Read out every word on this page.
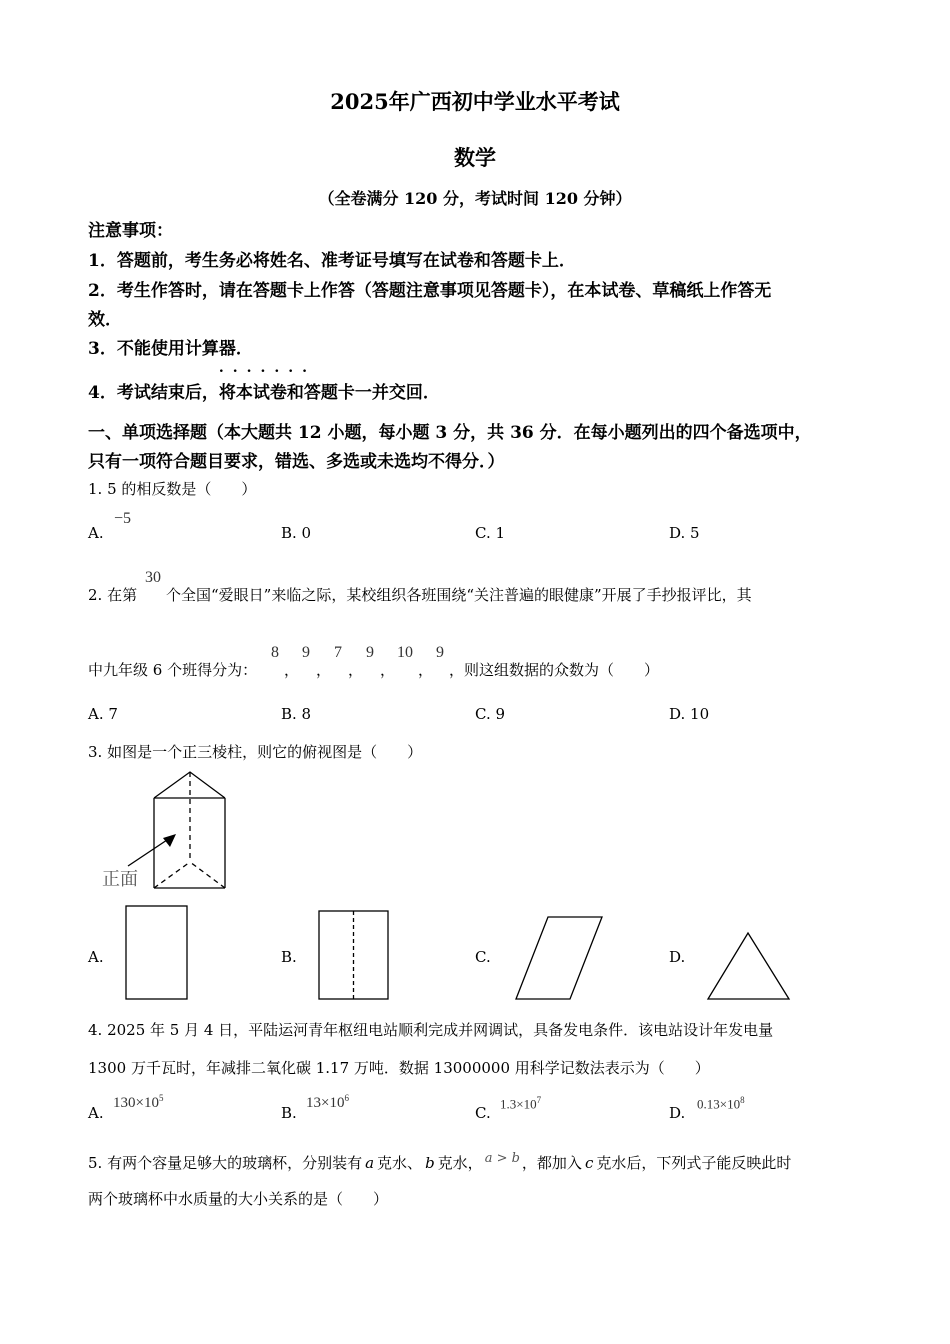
2025年广西初中学业水平考试
数学
（全卷满分 120 分，考试时间 120 分钟）
注意事项：
1．答题前，考生务必将姓名、准考证号填写在试卷和答题卡上．
2．考生作答时，请在答题卡上作答（答题注意事项见答题卡），在本试卷、草稿纸上作答无
效．
3．不能使用计算器．
4．考试结束后，
.......
将本试卷和答题卡一并交回．
一、单项选择题（本大题共 12 小题，每小题 3 分，共 36 分．在每小题列出的四个备选项中，
只有一项符合题目要求，错选、多选或未选均不得分．）
1. 5 的相反数是（　　）
A.
−5
B. 0	C. 1	D. 5
2. 在第
30
个全国“爱眼日”来临之际，某校组织各班围绕“关注普遍的眼健康”开展了手抄报评比，其
中九年级 6 个班得分为：
8
，
9
，
7
，
9
，
10
，
9
，则这组数据的众数为（　　）
A. 7	B. 8	C. 9	D. 10
3. 如图是一个正三棱柱，则它的俯视图是（　　）
正面
A.	B.	C.	D.
4. 2025 年 5 月 4 日，平陆运河青年枢纽电站顺利完成并网调试，具备发电条件．该电站设计年发电量
1300 万千瓦时，年减排二氧化碳 1.17 万吨．数据 13000000 用科学记数法表示为（　　）
A.
$130\times 10^5$
B.
$13\times 10^6$
C.
$1.3\times 10^7$
D.
$0.13\times 10^8$
5. 有两个容量足够大的玻璃杯，分别装有 a 克水、 b 克水， a > b ，都加入 c 克水后，下列式子能反映此时
两个玻璃杯中水质量的大小关系的是（　　）
